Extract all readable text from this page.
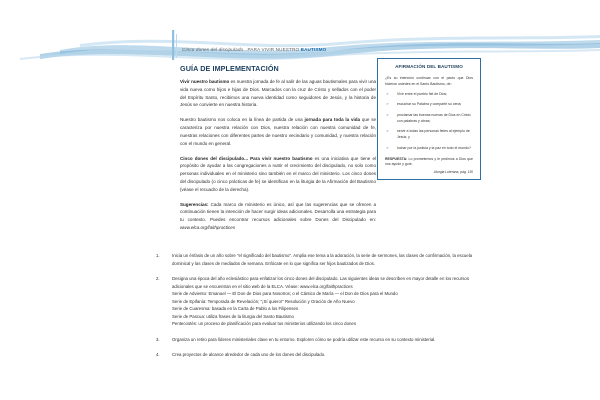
Cinco dones del discipulado...PARA VIVIR NUESTRO BAUTISMO
GUÍA DE IMPLEMENTACIÓN

Vivir nuestro bautismo es nuestra jornada de fe al salir de las aguas bautismales para vivir una vida nueva como hijos e hijas de Dios. Marcados con la cruz de Cristo y sellados con el poder del Espíritu Santo, recibimos una nueva identidad como seguidores de Jesús, y la historia de Jesús se convierte en nuestra historia.

Nuestro bautismo nos coloca en la línea de partida de una jornada para toda la vida que se caracteriza por nuestra relación con Dios, nuestra relación con nuestra comunidad de fe, nuestras relaciones con diferentes partes de nuestro vecindario y comunidad, y nuestra relación con el mundo en general.

Cinco dones del discipulado... Para vivir nuestro bautismo es una iniciativa que tiene el propósito de ayudar a las congregaciones a nutrir el crecimiento del discipulado, no solo como personas individuales en el ministerio sino también en el marco del ministerio. Los cinco dones del discipulado (o cinco prácticas de fe) se identifican en la liturgia de la Afirmación del Bautismo (véase el recuadro de la derecha).

Sugerencias: Cada marco de ministerio es único, así que las sugerencias que se ofrecen a continuación tienen la intención de hacer surgir ideas adicionales. Desarrolla una estrategia para tu contexto. Puedes encontrar recursos adicionales sobre Dones del Discipulado en: www.elca.org/faithpractices

AFIRMACIÓN DEL BAUTISMO
¿Es su intención continuar con el pacto que Dios hicieron ustedes en el Santo Bautismo, de:
➢ Vivir entre el pueblo fiel de Dios;
➢ escuchar su Palabra y compartir su cena;
➢ proclamar las buenas nuevas de Dios en Cristo con palabras y obras;
➢ servir a todas las personas fieles al ejemplo de Jesús; y
➢ luchar por la justicia y la paz en todo el mundo?
RESPUESTA: Lo prometemos y le pedimos a Dios que nos ayude y guíe.
Liturgia Luterana, pág. 130
1.	Inicia un énfasis de un año sobre "el significado del bautismo". Amplia ese tema a la adoración, la serie de sermones, las clases de confirmación, la escuela dominical y las clases de mediados de semana. Enfócate en lo que significa ser hijos bautizados de Dios.
2.	Designa una época del año eclesiástico para enfatizar los cinco dones del discipulado. Las siguientes ideas se describen en mayor detalle en los recursos adicionales que se encuentran en el sitio web de la ELCA. Véase: www.elca.org/faithpractices
Serie de Adviento: Emanuel — El Don de Dios para Nosotros; o el Cántico de María — el Don de Dios para el Mundo
Serie de Epifanía: Temporada de Revelación; "¡Sí quiero!" Resolución y Oración de Año Nuevo
Serie de Cuaresma: basada en la Carta de Pablo a los Filipenses
Serie de Pascua: utiliza frases de la liturgia del Santo Bautismo
Pentecostés: un proceso de planificación para evaluar tus ministerios utilizando los cinco dones
3.	Organiza un retiro para líderes ministeriales clave en tu entorno. Exploren cómo se podría utilizar este recurso en su contexto ministerial.
4.	Crea proyectos de alcance alrededor de cada uno de los dones del discipulado.
